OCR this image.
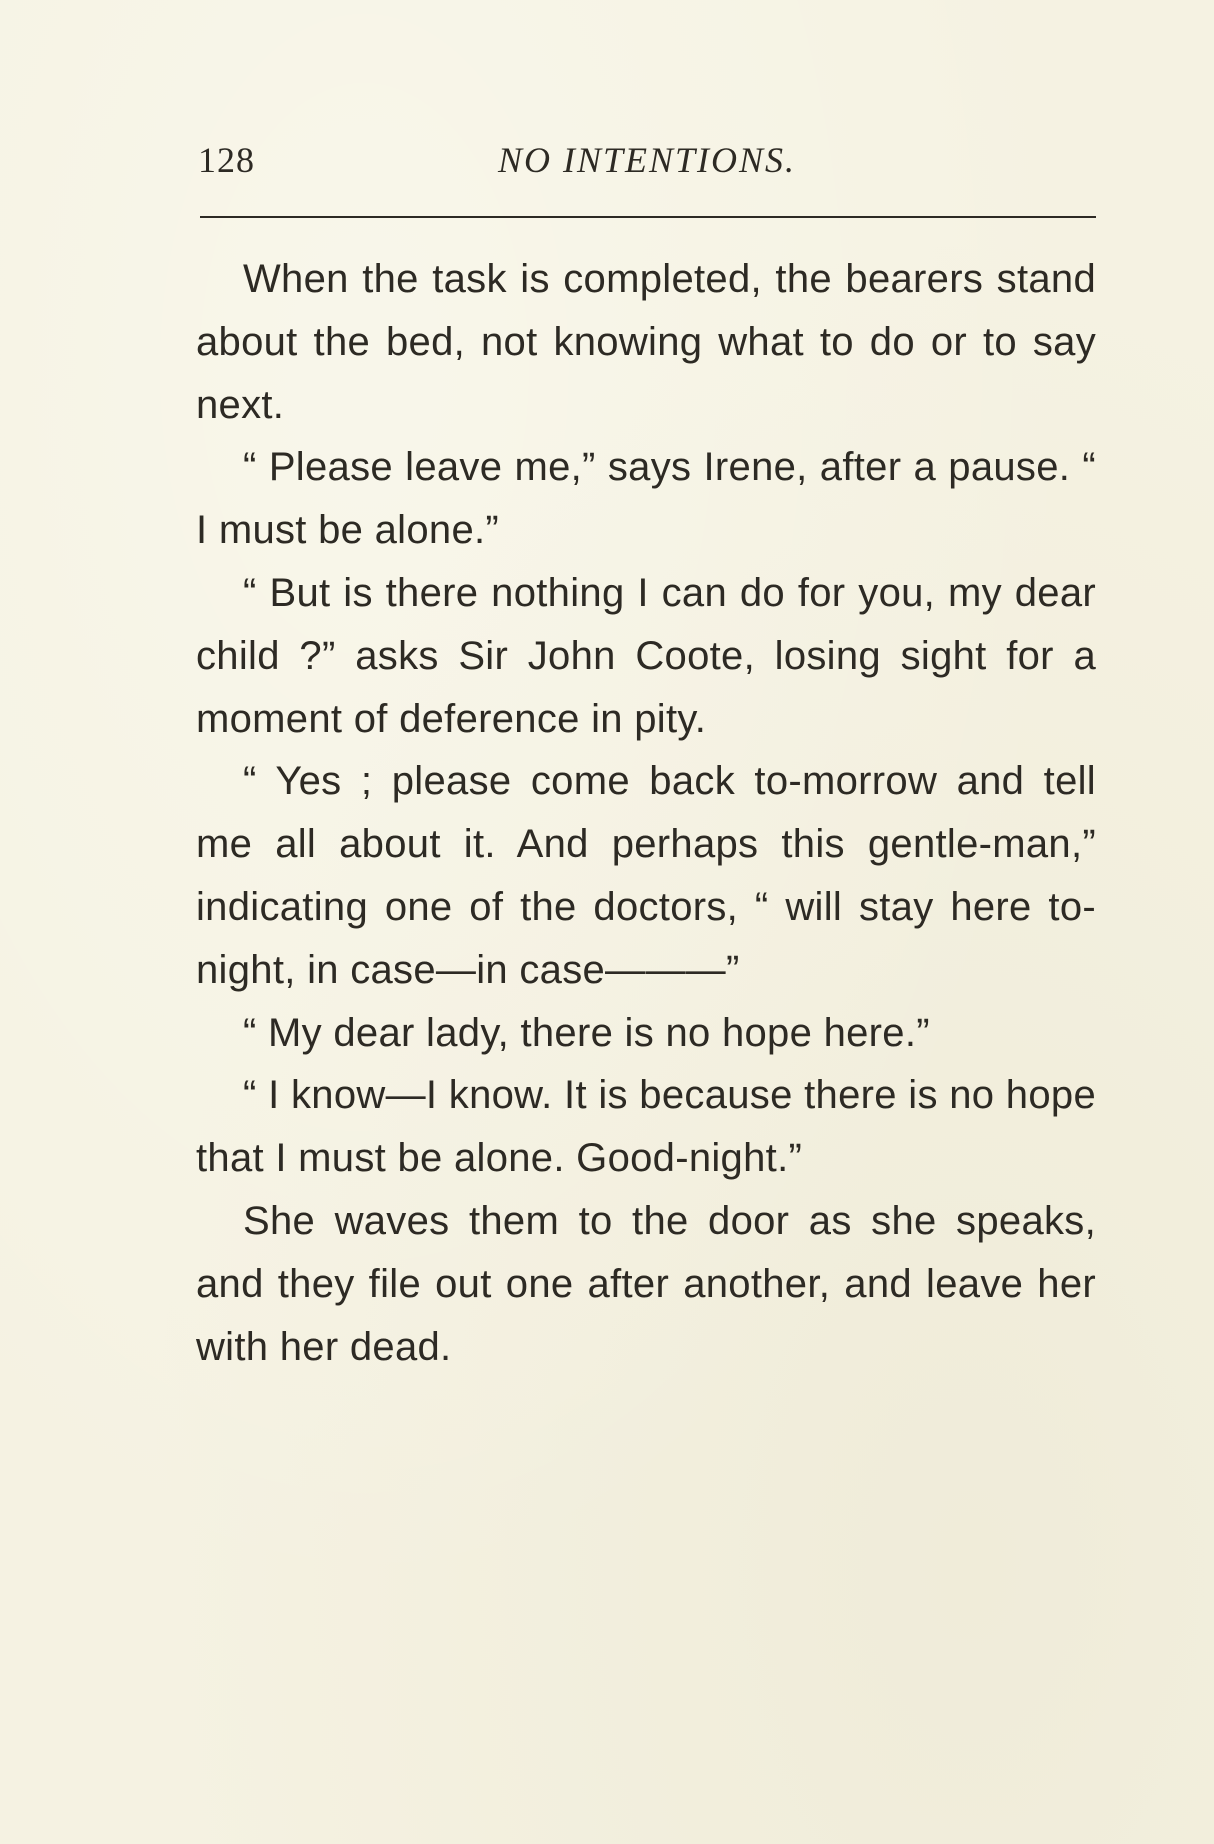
128	NO INTENTIONS.

When the task is completed, the bearers stand about the bed, not knowing what to do or to say next.

“ Please leave me,” says Irene, after a pause. “ I must be alone.”

“ But is there nothing I can do for you, my dear child ?” asks Sir John Coote, losing sight for a moment of deference in pity.

“ Yes ; please come back to-morrow and tell me all about it. And perhaps this gentle-man,” indicating one of the doctors, “ will stay here to-night, in case—in case———”

“ My dear lady, there is no hope here.”

“ I know—I know. It is because there is no hope that I must be alone. Good-night.”

She waves them to the door as she speaks, and they file out one after another, and leave her with her dead.
